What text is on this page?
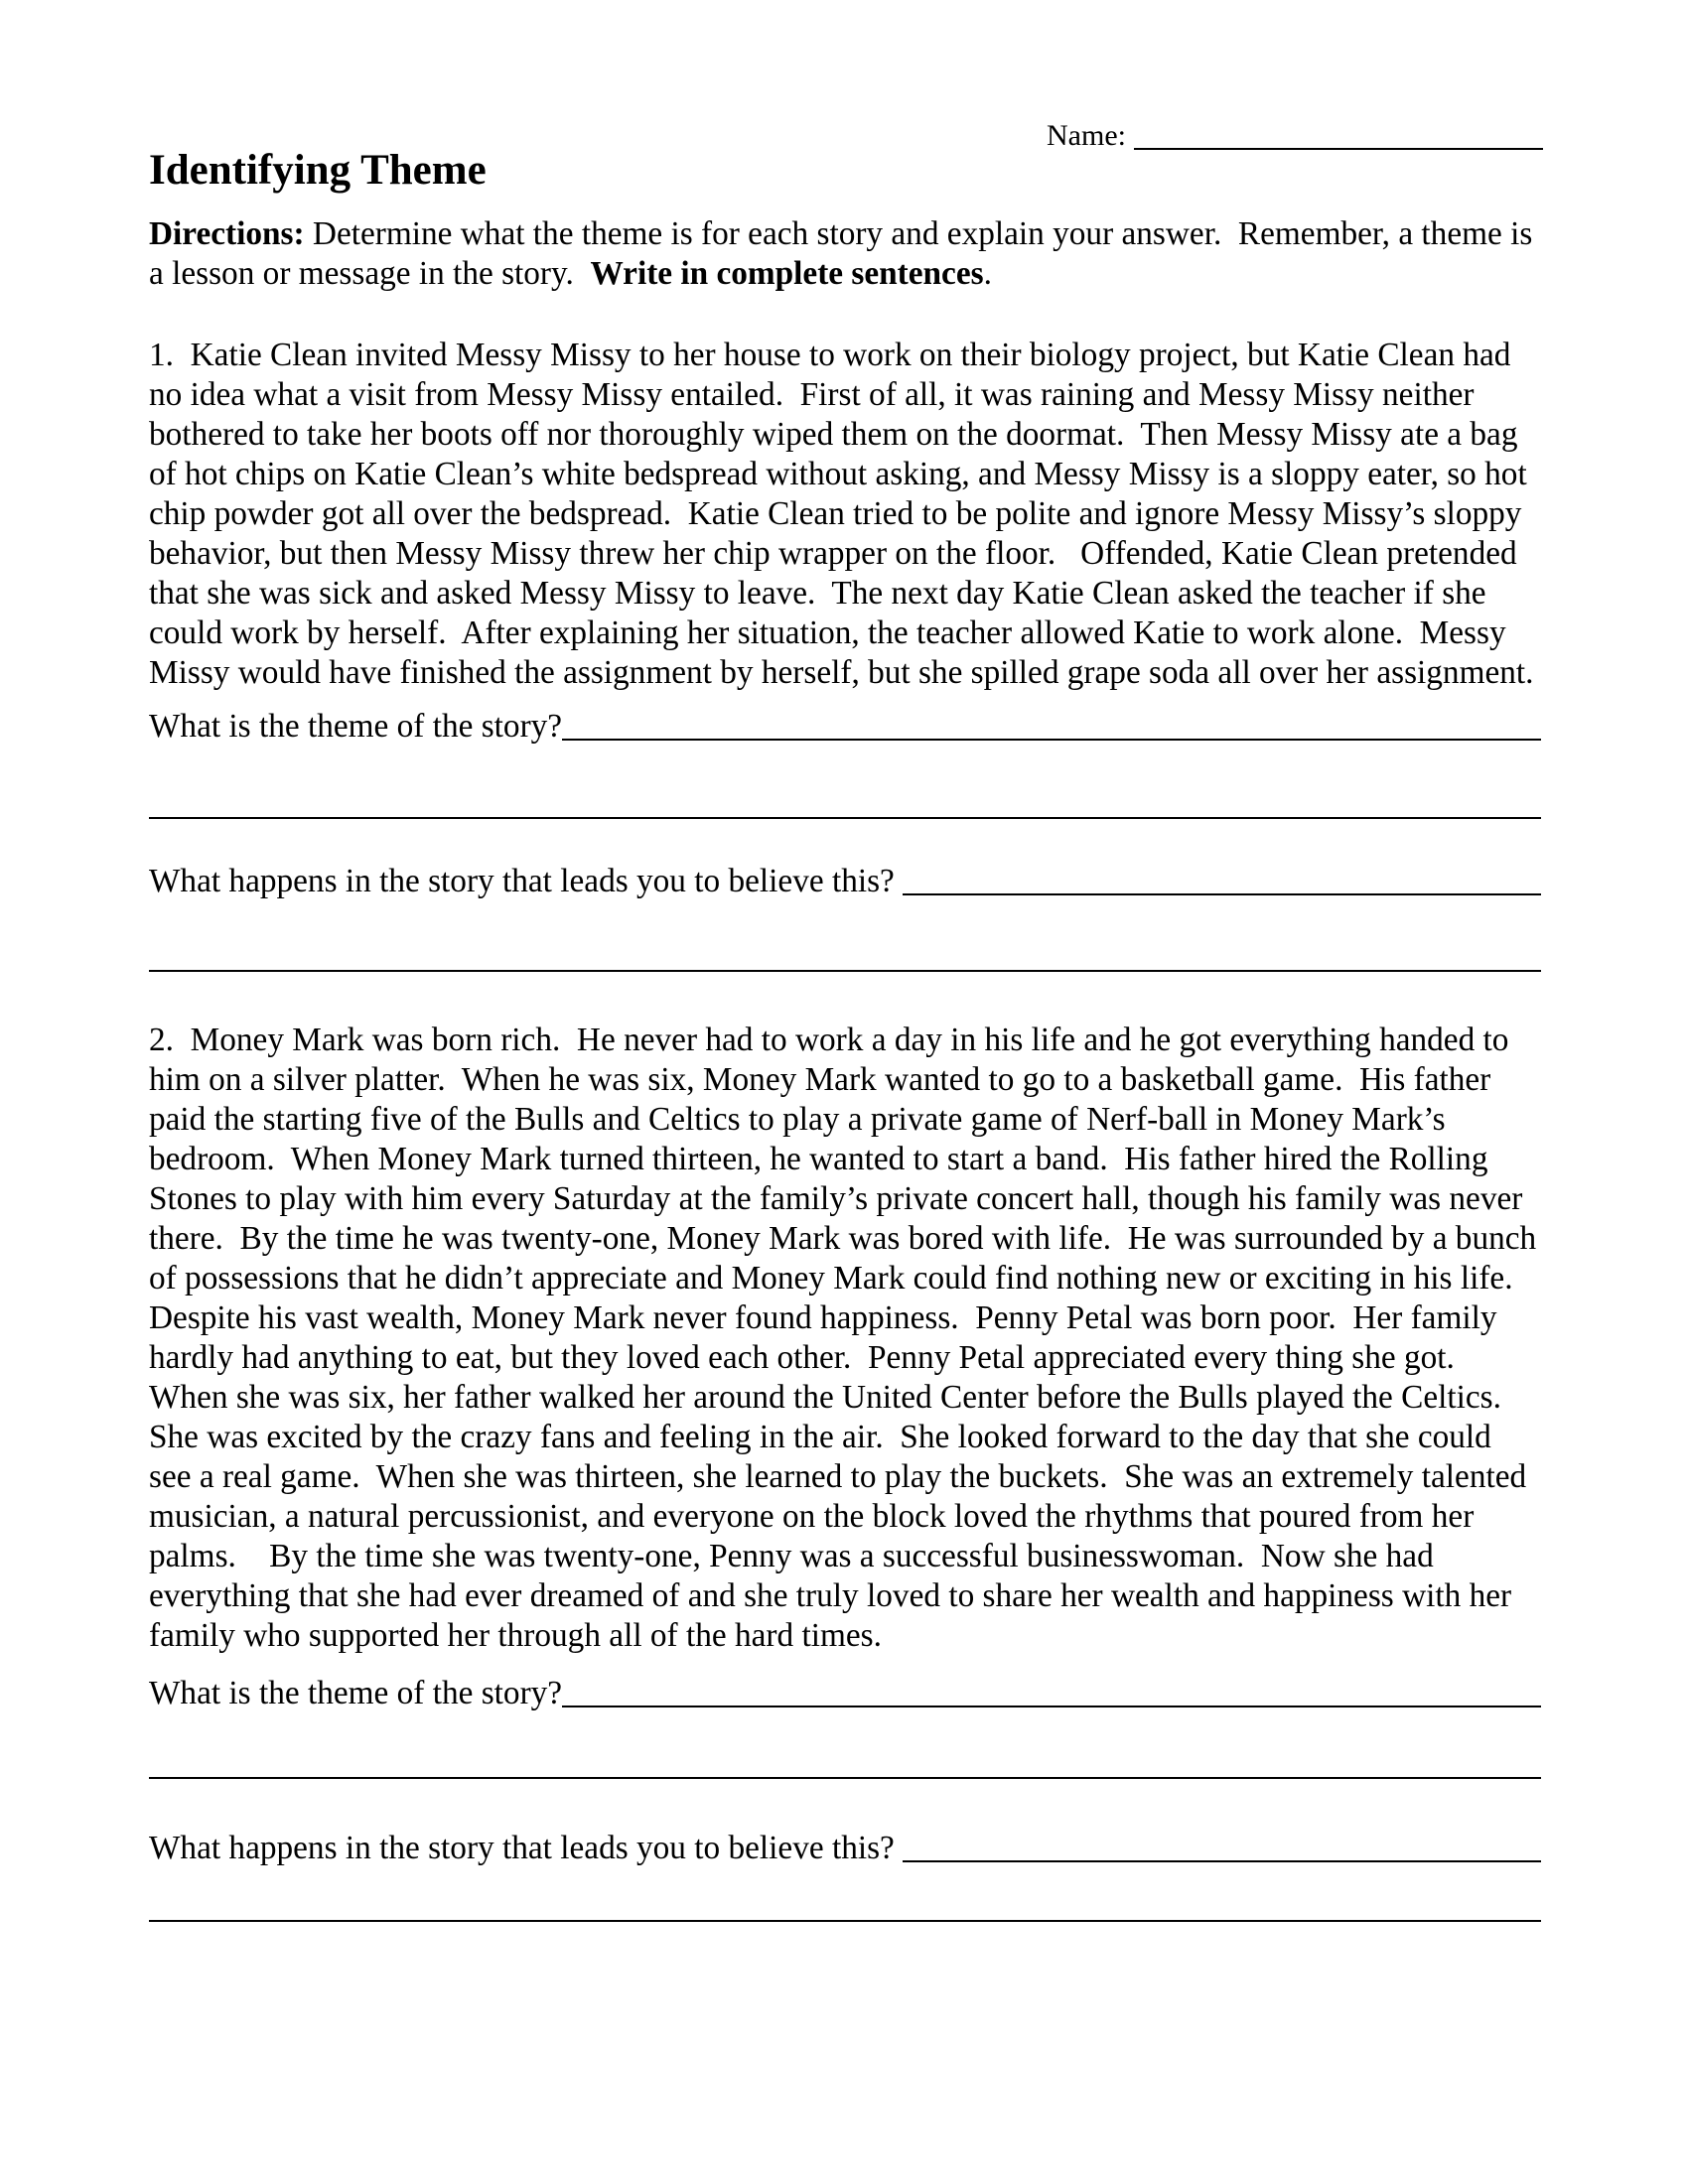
Name:
Identifying Theme
Directions: Determine what the theme is for each story and explain your answer.  Remember, a theme is a lesson or message in the story.  Write in complete sentences.
1.  Katie Clean invited Messy Missy to her house to work on their biology project, but Katie Clean had no idea what a visit from Messy Missy entailed.  First of all, it was raining and Messy Missy neither bothered to take her boots off nor thoroughly wiped them on the doormat.  Then Messy Missy ate a bag of hot chips on Katie Clean’s white bedspread without asking, and Messy Missy is a sloppy eater, so hot chip powder got all over the bedspread.  Katie Clean tried to be polite and ignore Messy Missy’s sloppy behavior, but then Messy Missy threw her chip wrapper on the floor.   Offended, Katie Clean pretended that she was sick and asked Messy Missy to leave.  The next day Katie Clean asked the teacher if she could work by herself.  After explaining her situation, the teacher allowed Katie to work alone.  Messy Missy would have finished the assignment by herself, but she spilled grape soda all over her assignment.
What is the theme of the story?
What happens in the story that leads you to believe this?
2.  Money Mark was born rich.  He never had to work a day in his life and he got everything handed to him on a silver platter.  When he was six, Money Mark wanted to go to a basketball game.  His father paid the starting five of the Bulls and Celtics to play a private game of Nerf-ball in Money Mark’s bedroom.  When Money Mark turned thirteen, he wanted to start a band.  His father hired the Rolling Stones to play with him every Saturday at the family’s private concert hall, though his family was never there.  By the time he was twenty-one, Money Mark was bored with life.  He was surrounded by a bunch of possessions that he didn’t appreciate and Money Mark could find nothing new or exciting in his life.  Despite his vast wealth, Money Mark never found happiness.  Penny Petal was born poor.  Her family hardly had anything to eat, but they loved each other.  Penny Petal appreciated every thing she got.  When she was six, her father walked her around the United Center before the Bulls played the Celtics.  She was excited by the crazy fans and feeling in the air.  She looked forward to the day that she could see a real game.  When she was thirteen, she learned to play the buckets.  She was an extremely talented musician, a natural percussionist, and everyone on the block loved the rhythms that poured from her palms.    By the time she was twenty-one, Penny was a successful businesswoman.  Now she had everything that she had ever dreamed of and she truly loved to share her wealth and happiness with her family who supported her through all of the hard times.
What is the theme of the story?
What happens in the story that leads you to believe this?
